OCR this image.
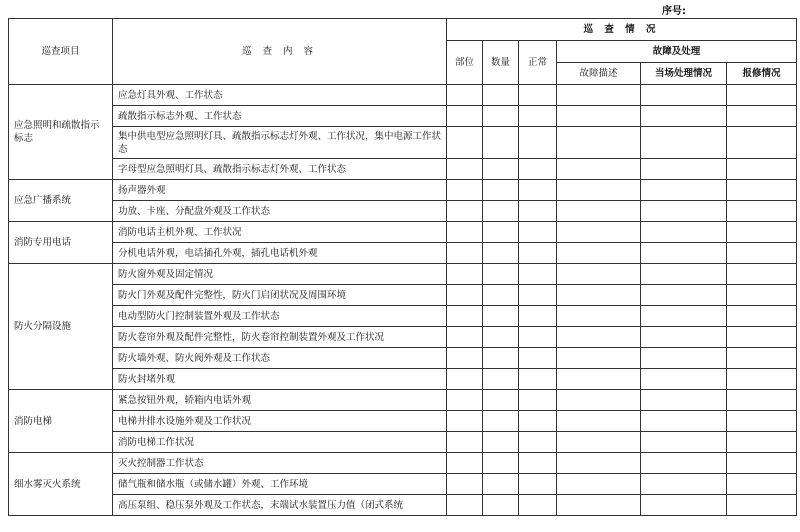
序号:
巡查项目	巡 查 内 容	巡 查 情 况					
		部位	数量	正常	故障及处理		
					故障描述	当场处理情况	报修情况
应急照明和疏散指示标志	应急灯具外观、工作状态						
	疏散指示标志外观、工作状态						
	集中供电型应急照明灯具、疏散指示标志灯外观、工作状况，集中电源工作状态						
	字母型应急照明灯具、疏散指示标志灯外观、工作状态						
应急广播系统	扬声器外观						
	功放、卡座、分配盘外观及工作状态						
消防专用电话	消防电话主机外观、工作状况						
	分机电话外观，电话插孔外观，插孔电话机外观						
防火分隔设施	防火窗外观及固定情况						
	防火门外观及配件完整性，防火门启闭状况及周围环境						
	电动型防火门控制装置外观及工作状态						
	防火卷帘外观及配件完整性，防火卷帘控制装置外观及工作状况						
	防火墙外观、防火阀外观及工作状态						
	防火封堵外观						
消防电梯	紧急按钮外观，轿箱内电话外观						
	电梯井排水设施外观及工作状况						
	消防电梯工作状况						
细水雾灭火系统	灭火控制器工作状态						
	储气瓶和储水瓶（或储水罐）外观、工作环境						
	高压泵组、稳压泵外观及工作状态，末端试水装置压力值（闭式系统						
